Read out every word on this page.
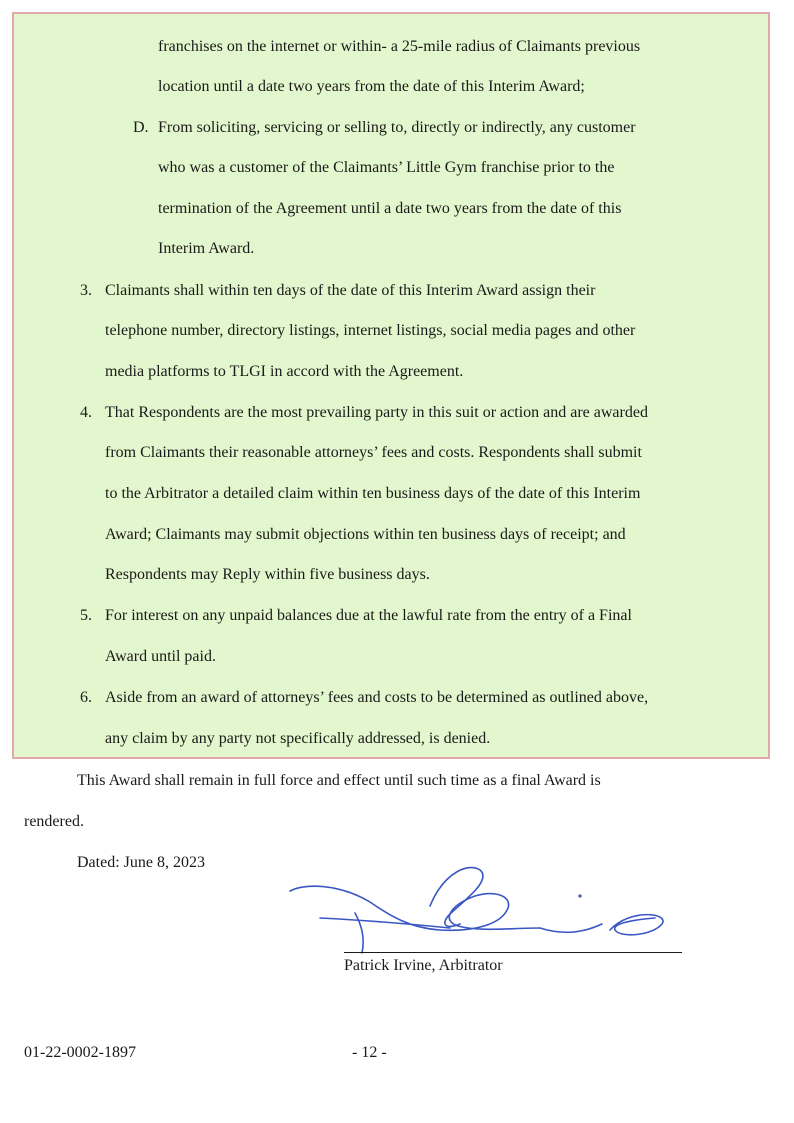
franchises on the internet or within- a 25-mile radius of Claimants previous
location until a date two years from the date of this Interim Award;
D. From soliciting, servicing or selling to, directly or indirectly, any customer
who was a customer of the Claimants’ Little Gym franchise prior to the
termination of the Agreement until a date two years from the date of this
Interim Award.
3. Claimants shall within ten days of the date of this Interim Award assign their
telephone number, directory listings, internet listings, social media pages and other
media platforms to TLGI in accord with the Agreement.
4. That Respondents are the most prevailing party in this suit or action and are awarded
from Claimants their reasonable attorneys’ fees and costs. Respondents shall submit
to the Arbitrator a detailed claim within ten business days of the date of this Interim
Award; Claimants may submit objections within ten business days of receipt; and
Respondents may Reply within five business days.
5. For interest on any unpaid balances due at the lawful rate from the entry of a Final
Award until paid.
6. Aside from an award of attorneys’ fees and costs to be determined as outlined above,
any claim by any party not specifically addressed, is denied.
This Award shall remain in full force and effect until such time as a final Award is
rendered.
Dated: June 8, 2023
Patrick Irvine, Arbitrator
01-22-0002-1897	- 12 -
